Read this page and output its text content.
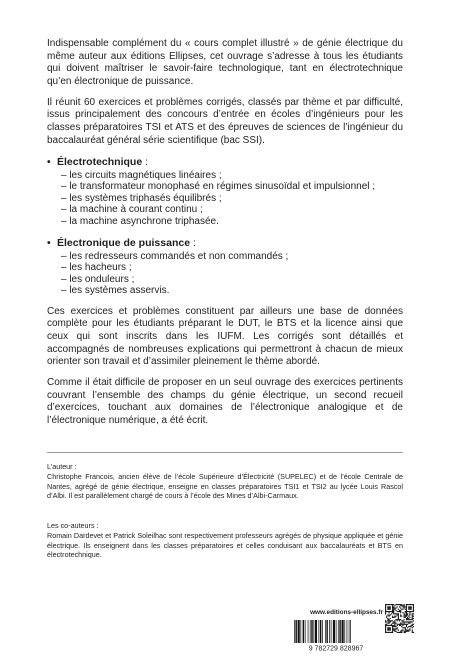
Indispensable complément du « cours complet illustré » de génie électrique du même auteur aux éditions Ellipses, cet ouvrage s’adresse à tous les étudiants qui doivent maîtriser le savoir-faire technologique, tant en électrotechnique qu’en électronique de puissance.

Il réunit 60 exercices et problèmes corrigés, classés par thème et par difficulté, issus principalement des concours d’entrée en écoles d’ingénieurs pour les classes préparatoires TSI et ATS et des épreuves de sciences de l’ingénieur du baccalauréat général série scientifique (bac SSI).

• Électrotechnique :
– les circuits magnétiques linéaires ;
– le transformateur monophasé en régimes sinusoïdal et impulsionnel ;
– les systèmes triphasés équilibrés ;
– la machine à courant continu ;
– la machine asynchrone triphasée.
• Électronique de puissance :
– les redresseurs commandés et non commandés ;
– les hacheurs ;
– les onduleurs ;
– les systèmes asservis.

Ces exercices et problèmes constituent par ailleurs une base de données complète pour les étudiants préparant le DUT, le BTS et la licence ainsi que ceux qui sont inscrits dans les IUFM. Les corrigés sont détaillés et accompagnés de nombreuses explications qui permettront à chacun de mieux orienter son travail et d’assimiler pleinement le thème abordé.

Comme il était difficile de proposer en un seul ouvrage des exercices pertinents couvrant l’ensemble des champs du génie électrique, un second recueil d’exercices, touchant aux domaines de l’électronique analogique et de l’électronique numérique, a été écrit.

L’auteur :
Christophe Francois, ancien élève de l’école Supérieure d’Électricité (SUPELEC) et de l’école Centrale de Nantes, agrégé de génie électrique, enseigne en classes préparatoires TSI1 et TSI2 au lycée Louis Rascol d’Albi. Il est parallèlement chargé de cours à l’école des Mines d’Albi-Carmaux.
Les co-auteurs :
Romain Dardevet et Patrick Soleilhac sont respectivement professeurs agrégés de physique appliquée et génie électrique. Ils enseignent dans les classes préparatoires et celles conduisant aux baccalauréats et BTS en électrotechnique.
www.editions-ellipses.fr
9 782729 828967
